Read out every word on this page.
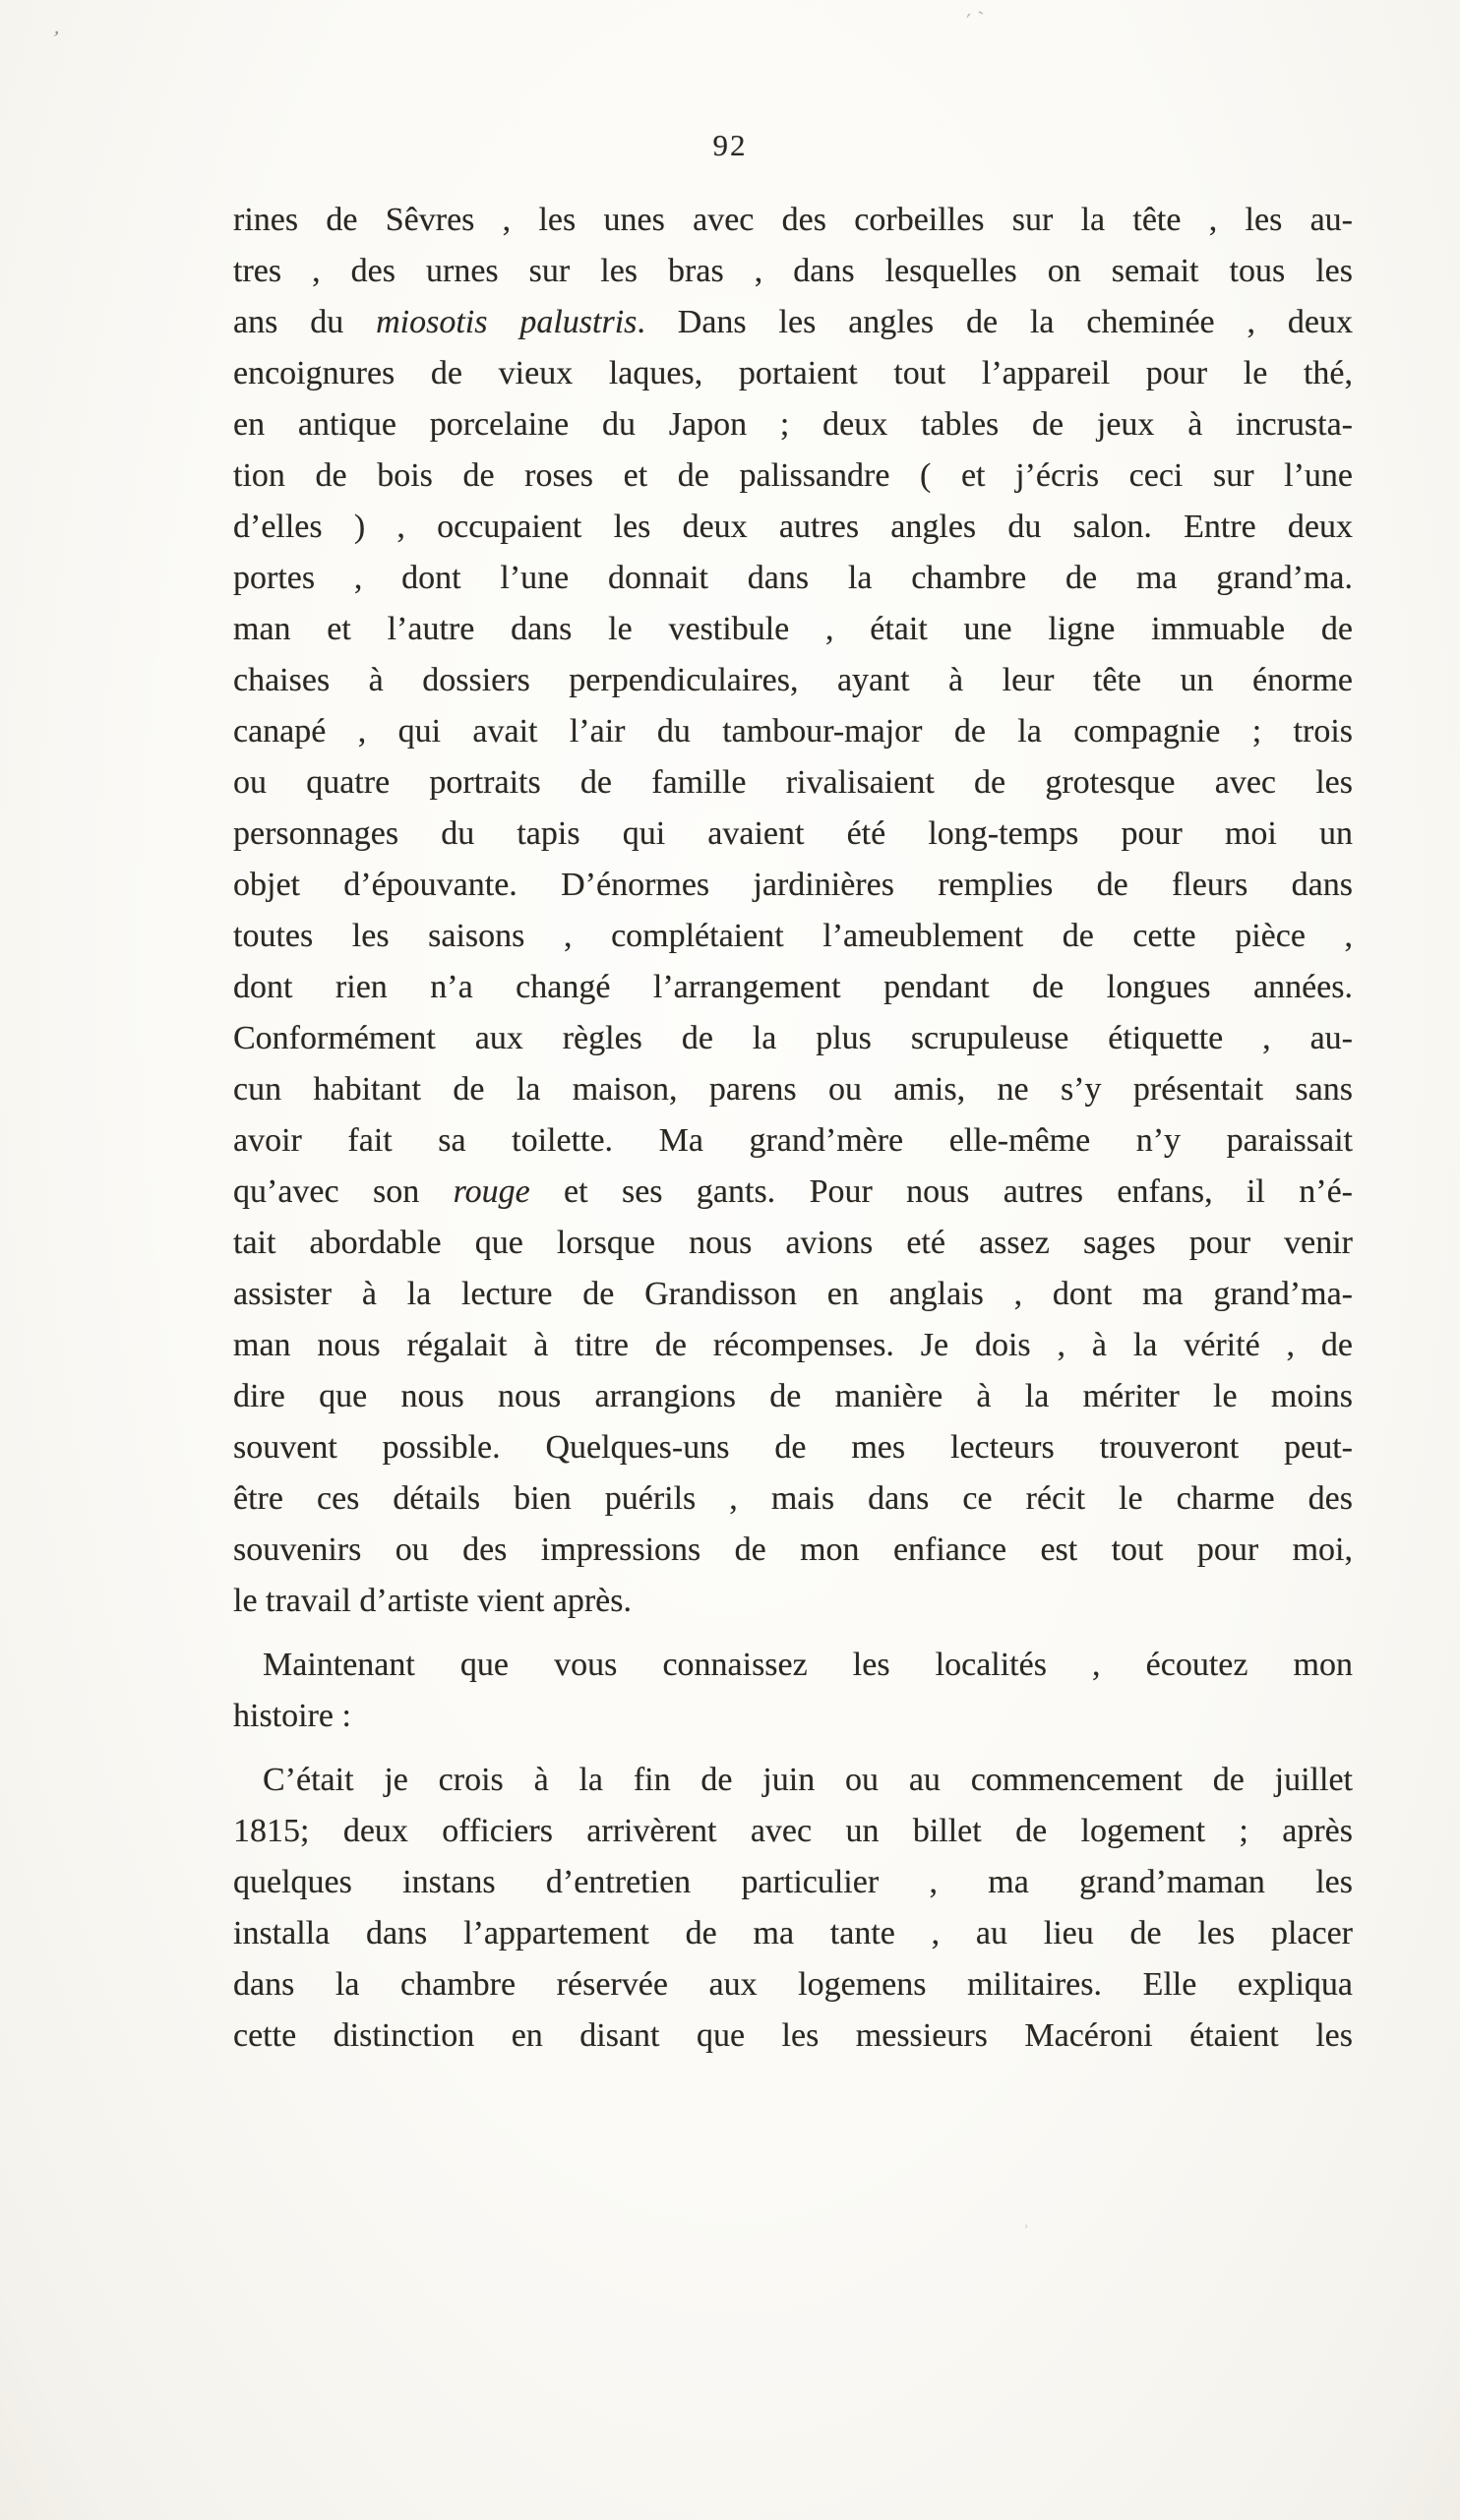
ʼ
ˊ ˋ
˒
92
rines de Sêvres , les unes avec des corbeilles sur la tête , les au-
tres , des urnes sur les bras , dans lesquelles on semait tous les
ans du miosotis palustris. Dans les angles de la cheminée , deux
encoignures de vieux laques, portaient tout l’appareil pour le thé,
en antique porcelaine du Japon ; deux tables de jeux à incrusta-
tion de bois de roses et de palissandre ( et j’écris ceci sur l’une
d’elles ) , occupaient les deux autres angles du salon. Entre deux
portes , dont l’une donnait dans la chambre de ma grand’ma.
man et l’autre dans le vestibule , était une ligne immuable de
chaises à dossiers perpendiculaires, ayant à leur tête un énorme
canapé , qui avait l’air du tambour-major de la compagnie ; trois
ou quatre portraits de famille rivalisaient de grotesque avec les
personnages du tapis qui avaient été long-temps pour moi un
objet d’épouvante. D’énormes jardinières remplies de fleurs dans
toutes les saisons , complétaient l’ameublement de cette pièce ,
dont rien n’a changé l’arrangement pendant de longues années.
Conformément aux règles de la plus scrupuleuse étiquette , au-
cun habitant de la maison, parens ou amis, ne s’y présentait sans
avoir fait sa toilette. Ma grand’mère elle-même n’y paraissait
qu’avec son rouge et ses gants. Pour nous autres enfans, il n’é-
tait abordable que lorsque nous avions eté assez sages pour venir
assister à la lecture de Grandisson en anglais , dont ma grand’ma-
man nous régalait à titre de récompenses. Je dois , à la vérité , de
dire que nous nous arrangions de manière à la mériter le moins
souvent possible. Quelques-uns de mes lecteurs trouveront peut-
être ces détails bien puérils , mais dans ce récit le charme des
souvenirs ou des impressions de mon enfiance est tout pour moi,
le travail d’artiste vient après.
Maintenant que vous connaissez les localités , écoutez mon
histoire :
C’était je crois à la fin de juin ou au commencement de juillet
1815; deux officiers arrivèrent avec un billet de logement ; après
quelques instans d’entretien particulier , ma grand’maman les
installa dans l’appartement de ma tante , au lieu de les placer
dans la chambre réservée aux logemens militaires. Elle expliqua
cette distinction en disant que les messieurs Macéroni étaient les
